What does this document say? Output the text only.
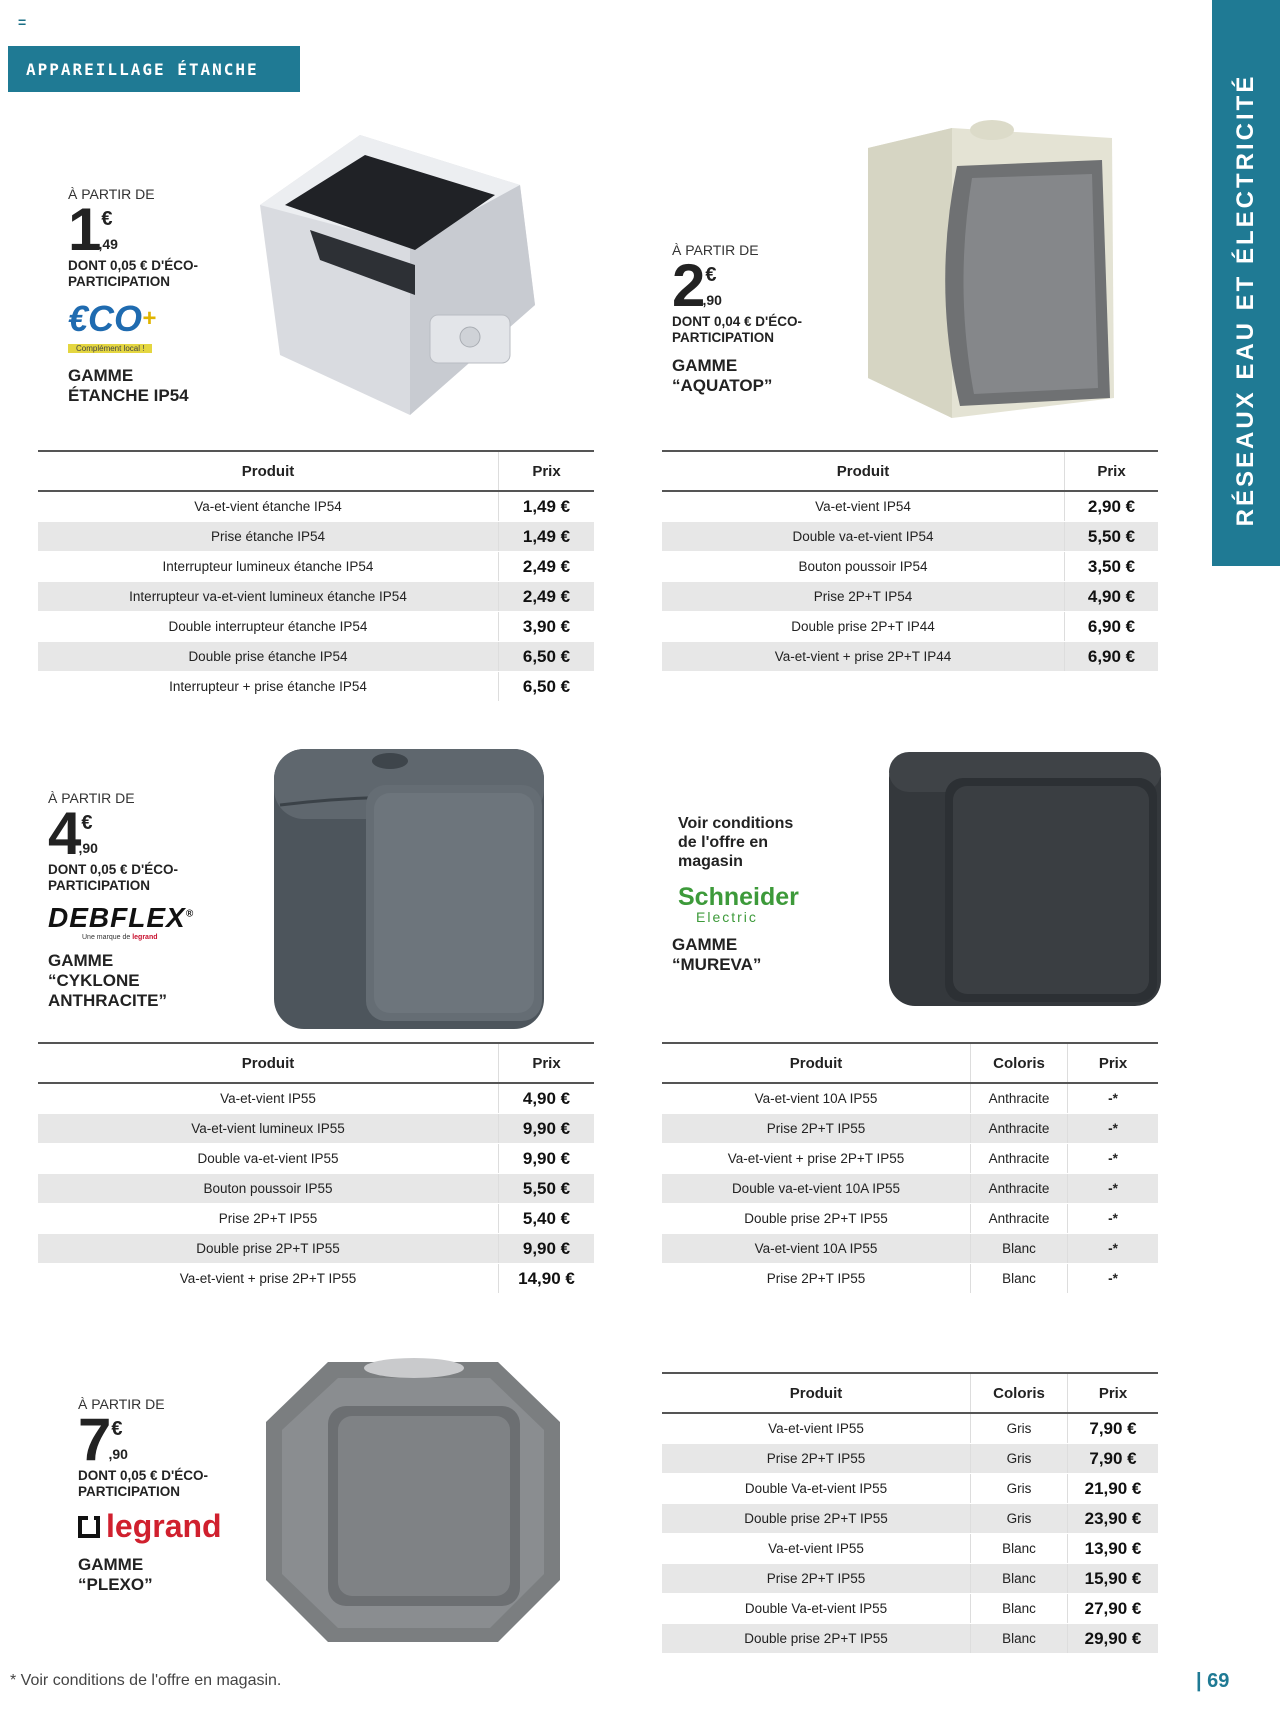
=
APPAREILLAGE ÉTANCHE
RÉSEAUX EAU ET ÉLECTRICITÉ
À PARTIR DE
1 €
,49
DONT 0,05 € D'ÉCO-PARTICIPATION
€CO+
Complément local !
GAMME ÉTANCHE IP54
Produit	Prix
Va-et-vient étanche IP54	1,49 €
Prise étanche IP54	1,49 €
Interrupteur lumineux étanche IP54	2,49 €
Interrupteur va-et-vient lumineux étanche IP54	2,49 €
Double interrupteur étanche IP54	3,90 €
Double prise étanche IP54	6,50 €
Interrupteur + prise étanche IP54	6,50 €
À PARTIR DE
2 €
,90
DONT 0,04 € D'ÉCO-PARTICIPATION
GAMME “AQUATOP”
Produit	Prix
Va-et-vient IP54	2,90 €
Double va-et-vient IP54	5,50 €
Bouton poussoir IP54	3,50 €
Prise 2P+T IP54	4,90 €
Double prise 2P+T IP44	6,90 €
Va-et-vient + prise 2P+T IP44	6,90 €
À PARTIR DE
4 €
,90
DONT 0,05 € D'ÉCO-PARTICIPATION
DEBFLEX®
Une marque de legrand
GAMME “CYKLONE ANTHRACITE”
Produit	Prix
Va-et-vient IP55	4,90 €
Va-et-vient lumineux IP55	9,90 €
Double va-et-vient IP55	9,90 €
Bouton poussoir IP55	5,50 €
Prise 2P+T IP55	5,40 €
Double prise 2P+T IP55	9,90 €
Va-et-vient + prise 2P+T IP55	14,90 €
Voir conditions de l'offre en magasin
Schneider
Electric
GAMME “MUREVA”
Produit	Coloris	Prix
Va-et-vient 10A IP55	Anthracite	-*
Prise 2P+T IP55	Anthracite	-*
Va-et-vient + prise 2P+T IP55	Anthracite	-*
Double va-et-vient 10A IP55	Anthracite	-*
Double prise 2P+T IP55	Anthracite	-*
Va-et-vient 10A IP55	Blanc	-*
Prise 2P+T IP55	Blanc	-*
À PARTIR DE
7 €
,90
DONT 0,05 € D'ÉCO-PARTICIPATION
legrand
GAMME “PLEXO”
Produit	Coloris	Prix
Va-et-vient IP55	Gris	7,90 €
Prise 2P+T IP55	Gris	7,90 €
Double Va-et-vient IP55	Gris	21,90 €
Double prise 2P+T IP55	Gris	23,90 €
Va-et-vient IP55	Blanc	13,90 €
Prise 2P+T IP55	Blanc	15,90 €
Double Va-et-vient IP55	Blanc	27,90 €
Double prise 2P+T IP55	Blanc	29,90 €
* Voir conditions de l'offre en magasin.	| 69
